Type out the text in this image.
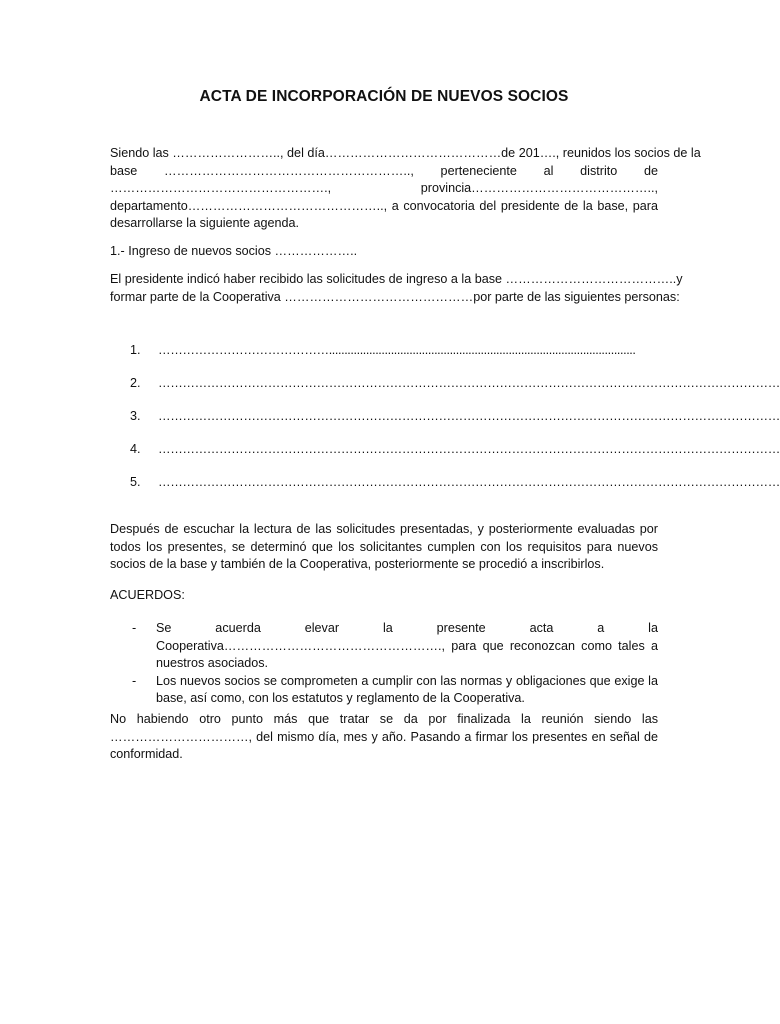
ACTA DE INCORPORACIÓN DE NUEVOS SOCIOS
Siendo las …………………….., del día……………………………………de 201…., reunidos los socios de la
base ………………………………………………….., perteneciente al distrito de
……………………………………………., provincia……………………………………..,
departamento……………………………………….., a convocatoria del presidente de la base, para
desarrollarse la siguiente agenda.
1.- Ingreso de nuevos socios ………………..
El presidente indicó haber recibido las solicitudes de ingreso a la base …………………………………..y
formar parte de la Cooperativa ………………………………………por parte de las siguientes personas:
1.	……………………………………...................................................................................................
2.	………………………………………………………………………………………………………………………………………
3.	………………………………………………………………………………………………………………………………………
4.	………………………………………………………………………………………………………………………………………
5.	………………………………………………………………………………………………………………………………………
Después de escuchar la lectura de las solicitudes presentadas, y posteriormente evaluadas por todos los presentes, se determinó que los solicitantes cumplen con los requisitos para nuevos socios de la base y también de la Cooperativa, posteriormente se procedió a inscribirlos.
ACUERDOS:
- Se acuerda elevar la presente acta a la Cooperativa……………………………………………., para que reconozcan como tales a nuestros asociados.
- Los nuevos socios se comprometen a cumplir con las normas y obligaciones que exige la base, así como, con los estatutos y reglamento de la Cooperativa.
No habiendo otro punto más que tratar se da por finalizada la reunión siendo las ……………………………, del mismo día, mes y año. Pasando a firmar los presentes en señal de conformidad.
